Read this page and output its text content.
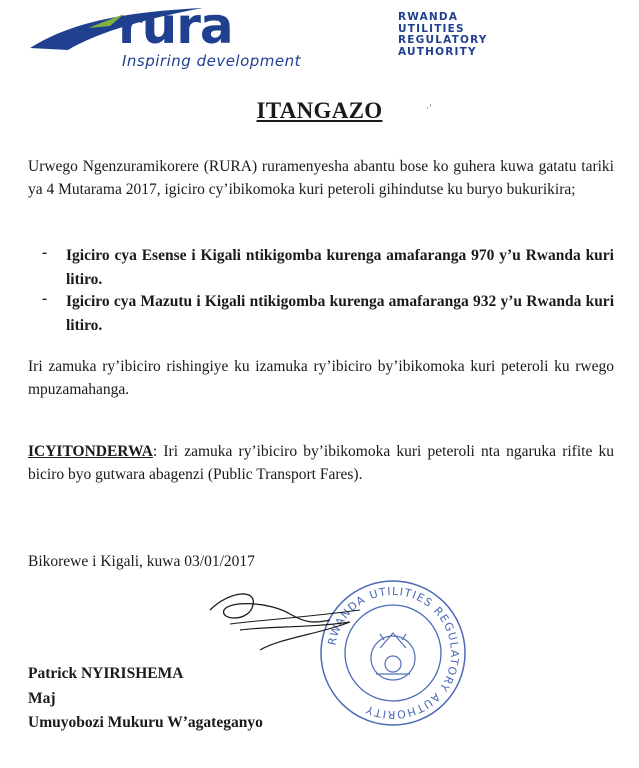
rura
Inspiring development
RWANDA
UTILITIES
REGULATORY
AUTHORITY
·’
ITANGAZO
Urwego Ngenzuramikorere (RURA) ruramenyesha abantu bose ko guhera kuwa gatatu tariki ya 4 Mutarama 2017, igiciro cy’ibikomoka kuri peteroli gihindutse ku buryo bukurikira;
- Igiciro cya Esense i Kigali ntikigomba kurenga amafaranga 970 y’u Rwanda kuri litiro.
- Igiciro cya Mazutu i Kigali ntikigomba kurenga amafaranga 932 y’u Rwanda kuri litiro.
Iri zamuka ry’ibiciro rishingiye ku izamuka ry’ibiciro by’ibikomoka kuri peteroli ku rwego mpuzamahanga.
ICYITONDERWA: Iri zamuka ry’ibiciro by’ibikomoka kuri peteroli nta ngaruka rifite ku biciro byo gutwara abagenzi (Public Transport Fares).
Bikorewe i Kigali, kuwa 03/01/2017
RWANDA UTILITIES REGULATORY AUTHORITY
Patrick NYIRISHEMA
Maj
Umuyobozi Mukuru W’agateganyo
